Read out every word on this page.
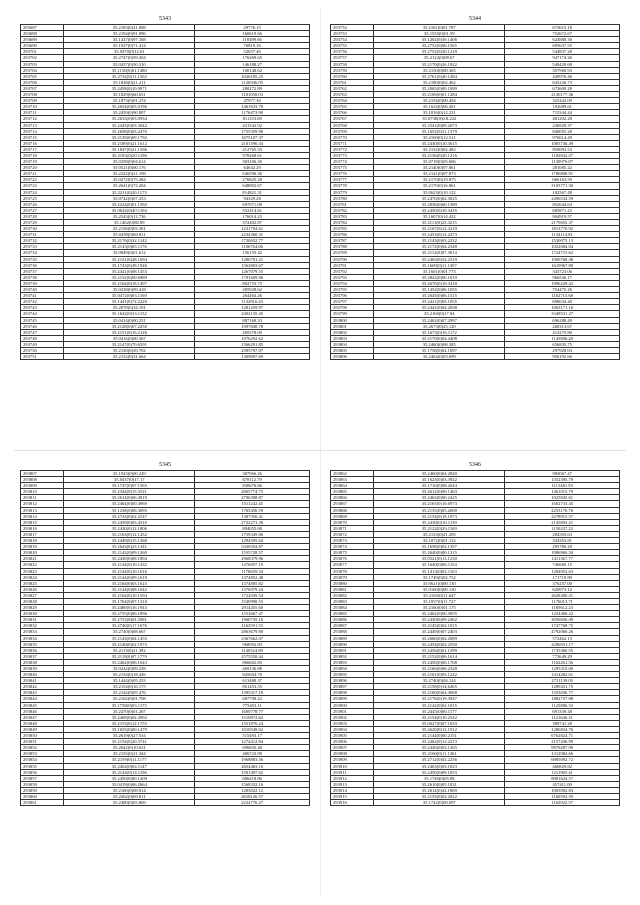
5343
293687	35.2183(0)41.888	29776.15
293688	35.2194(0)91.896	160619.66
293689	35.1437(0)97.168	118499.66
293690	35.1927(0)71.414	76819.16
293701	35.0470(0)12.61	52657.46
293702	35.2747(0)59.204	176269.65
293703	35.0437(0)50.310	146188.27
293704	35.1150(0)01.1480	100148.62
293705	35.2732(0)11.1502	1026185.25
293706	35.1846(0)21.211	1126946.05
293707	35.2458(0)10.0871	280272.89
293708	35.1829(0)60.651	1101058.03
293709	35.1873(0)01.274	47977.30
293710	35.2654(0)03.0196	1461633.78
293711	35.2459(0)90.807	1176473.98
293712	35.2633(0)03.0934	811153.08
293713	35.2445(0)03.3042	431542.92
293714	35.2658(0)03.2470	1755359.98
293715	35.2139(0)69.1792	1675107.37
293716	35.2189(0)21.1612	2101596.34
293717	35.1847(0)21.1596	412765.33
293718	35.2183(0)20.1196	978268.61
293719	35.0258(0)04.614	303106.26
293720	35.0521(0)00.176	64642.29
293721	35.2242(0)21.198	646596.36
293722	35.0272(0)75.284	276825.28
293723	35.2641(0)72.204	648802.67
293724	35.2211(0)20.1173	814821.31
293725	35.0742(0)07.253	94329.28
293726	35.2224(0)01.1592	697071.08
293727	35.0642(0)40.1104	552414.61
293728	35.2543(0)12.736	176014.23
293729	35.1462(0)80.89	372402.87
293730	35.2156(0)03.301	1231794.61
293731	35.0439(0)60.811	2234360.31
293732	35.2176(0)32.1142	1720652.77
293733	35.2143(0)65.1176	1106764.66
293734	35.0849(0)01.612	156155.42
293735	35.2141(0)28.1694	1286701.21
293736	35.1743(0)38.1946	1562803.67
293737	35.2441(0)08.1453	1267079.55
293738	35.2152(0)00.6989	1791609.96
293739	35.2164(0)18.1497	802753.75
293740	35.0238(0)09.418	285928.62
293741	35.0472(0)03.1169	264464.26
293742	35.1441(0)72.2220	1132816.43
293743	35.2070(0)34.191	1281259.97
293744	35.1642(0)33.1152	2402135.45
293745	35.0414(0)00.251	887168.33
293746	35.2128(0)07.2250	1997848.78
293747	35.2151(0)16.2126	269378.00
293748	35.0416(0)00.367	1076292.62
293749	35.2147(0)70.6591	1566291.85
293750	35.2120(0)39.702	2395797.07
293751	35.2152(0)31.664	1309697.69
5344
293752	35.2161(0)01.787	673615.18
293753	35.1535(0)01.59	752672.67
293754	35.1202(0)39.1406	624880.30
293755	35.2752(0)06.1565	695637.55
293756	35.2752(0)30.1219	544837.28
293757	35.2122(0)08.67	947174.26
293758	35.2170(0)26.1922	549429.68
293759	35.2150(0)00.365	357960.93
293760	35.2761(0)40.1484	449976.46
293761	35.2180(0)02.462	645226.73
293762	35.2065(0)00.1099	673609.28
293763	35.2169(0)01.1284	2130177.36
293764	35.2154(0)00.494	325442.09
293765	35.1624(0)06.261	192689.61
293766	35.1816(0)12.231	715344.44
293767	35.0730(0)0.8.222	481202.28
293768	35.2541(0)09.2073	236929.37
293769	35.1652(0)31.1379	840055.28
293770	35.2160(0)12.511	976614.49
293771	35.2430(0)10.3615	1083736.49
293772	35.2132(0)02.482	859093.53
293773	35.2136(0)20.1216	1182842.47
293774	35.0718(0)05.666	1130976.87
293775	35.2140(0)07.861	281685.22
293776	35.2141(0)07.873	1786808.91
293777	35.2170(0)19.875	666163.59
293778	35.2170(0)16.861	3103771.30
293779	35.0623(0)10.122	182567.48
293780	35.2470(0)02.3025	2496534.59
293781	35.2836(0)60.1389	852644.63
293782	35.2450(0)10.3435	685871.25
293783	35.1607(0)14.432	904919.57
293784	35.2113(0)23.3215	2179655.37
293785	35.2167(0)12.3219	1813770.92
293786	35.2453(0)12.2473	1134114.81
293787	35.2143(0)03.2232	1530075.13
293788	35.2172(0)04.2348	1022684.04
293789	35.2112(0)07.3014	1724715.62
293790	35.2463(0)32.2319	1900768.48
293791	35.1669(0)11.1307	1619967.80
293792	35.1601(0)01.773	343723.06
293793	35.2822(0)00.1019	966536.17
293794	35.2670(0)10.3418	1996229.42
293795	35.1452(0)06.1055	754475.26
293796	35.2645(0)06.1515	1102715.68
293797	35.2421(0)05.1055	696634.40
293798	35.2441(0)04.2038	1063171.16
293799	35.2160(0)17.84	3348531.27
293800	35.2462(0)07.2997	696288.49
293801	35.2673(0)25.120	268313.67
293802	35.1673(0)16.1172	413275.80
293803	35.2170(0)04.4408	1145806.20
293804	35.2460(0)08.385	656835.75
293805	35.1758(0)02.1097	297928.03
293806	35.2464(0)03.699	956192.66
5345
293807	35.1943(0)00.249	387966.26
293808	35.0437(0)17.17	678112.79
293809	35.1747(0)07.1565	830676.66
293810	35.2344(0)15.3521	2065774.75
293811	35.2614(0)06.4919	2796398.87
293812	35.2464(0)00.4969	1511242.45
293813	35.1238(0)06.3095	1765456.59
293814	35.2743(0)02.2547	1387356.41
293815	35.2459(0)03.4310	2722271.39
293816	35.2430(0)12.1806	894055.68
293817	35.2163(0)12.1432	1759349.86
293818	35.2449(0)15.1368	1294595.64
293819	35.2643(0)23.1341	5436504.87
293820	35.2142(0)09.1260	1555728.57
293821	35.2430(0)08.1894	2968379.96
293822	35.2144(0)10.1432	1476057.19
293823	35.2144(0)10.1616	1176659.34
293824	35.2144(0)09.1619	1374852.48
293825	35.2164(0)03.1623	1374805.82
293826	35.2144(0)08.1642	1376979.24
293827	35.2164(0)10.1594	1722039.54
293828	35.1764(0)07.1310	1540998.53
293829	35.2480(0)16.1943	2914455.60
293830	35.2755(0)06.1896	1552667.47
293831	35.2753(0)01.2981	1960735.16
293832	35.2740(0)17.1676	1163591.53
293833	35.2740(0)08.667	2863679.80
293834	35.2143(0)04.1455	2367662.07
293835	35.2140(0)02.1973	968992.83
293836	35.2115(0)21.382	1140524.89
293837	35.2118(0)07.1779	2575550.44
293838	35.2462(0)06.1643	866602.85
293839	35.0242(0)09.258	469136.88
293840	35.2154(0)18.426	845604.76
293841	35.1444(0)05.253	613488.37
293842	35.2154(0)16.175	801453.55
293843	35.2142(0)05.476	1395317.18
293844	35.2162(0)01.708	687798.22
293845	35.1758(0)03.1175	775453.11
293846	35.2470(0)01.267	1600778.77
293847	35.2468(0)02.2892	1510872.62
293848	35.2153(0)12.1755	1551876.24
293849	35.1655(0)00.1479	1010549.62
293850	35.2619(0)27.534	515493.17
293851	35.2154(0)20.3741	1274412.84
293852	35.2642(0)10.631	696835.48
293853	35.2155(0)21.344	406723.98
293854	35.2159(0)11.1177	1968803.56
293855	35.2462(0)04.1147	2654463.16
293856	35.2144(0)14.1196	1501497.62
293857	35.2450(0)00.1200	686418.86
293858	35.0419(0)06.2664	1568332.16
293859	35.2160(0)08.814	1283022.12
293860	35.2462(0)00.811	2618126.57
293861	35.2480(0)03.869	2224776.27
5346
293862	35.2460(0)04.2840	983067.47
293863	35.1623(0)03.3922	1352395.79
293864	35.1710(0)08.2044	1115481.93
293865	35.2612(0)00.1463	1461015.79
293866	35.2463(0)00.2425	1025845.61
293867	35.2165(0)16.6973	1602733.45
293868	35.2135(0)05.2000	2253176.76
293869	35.2154(0)18.1973	2278915.57
293870	35.2430(0)10.1139	2145693.21
293871	35.2122(0)29.1169	1150237.22
293872	35.2133(0)21.295	284503.63
293873	35.1072(0)01.132	334353.81
293874	35.1658(0)02.1397	295786.29
293875	35.2640(0)00.1315	1986960.50
293876	35.0521(0)13.1230	1411367.77
293877	35.1640(0)06.1154	746660.15
293878	35.1413(0)02.1163	1284052.63
293879	35.1749(0)02.752	171719.89
293880	35.0621(0)00.130	376257.00
293881	35.0160(0)00.130	620973.12
293882	35.2165(0)11.647	2628400.21
293883	35.1957(0)11.727	1176013.71
293884	35.2160(0)01.175	1185612.23
293885	35.2462(0)00.3055	1254406.22
293886	35.2430(0)09.2462	3056656.49
293887	35.2145(0)02.1015	1747768.75
293888	35.2449(0)07.2403	4792060.26
293889	35.2660(0)04.2089	572462.13
293890	35.2454(0)02.2550	2296931.17
293891	35.2456(0)01.1299	1735360.55
293892	35.2152(0)06.1614	773649.29
293893	35.2450(0)00.1768	1162261.56
293894	35.2166(0)06.2328	1295315.00
293895	35.2161(0)03.1242	1414282.61
293896	35.2740(0)04.124	2731139.05
293897	35.2158(0)14.6465	1289431.75
293898	35.2160(0)04.4968	1353036.77
293899	35.2176(0)19.3947	1882737.88
293900	35.2142(0)02.1015	1125886.33
293901	35.2445(0)00.1177	691339.48
293902	35.2154(0)10.2542	1121646.21
293903	35.0627(0)07.1033	389741.28
293904	35.2620(0)12.1912	1286834.76
293905	35.2144(0)00.2151	6762824.71
293906	35.2462(0)12.2213	2157436.99
293907	35.2420(0)03.1265	9976287.99
293908	35.2160(0)11.1361	1312084.66
293909	35.2712(0)02.2256	6985092.72
293910	35.2463(0)03.1823	466829.82
293911	35.2450(0)09.1053	1211905.41
293912	35.1740(0)05.88	8081624.57
293913	35.2610(0)05.1031	457411.00
293914	35.2612(0)22.1869	1003902.83
293915	35.2155(0)02.2022	1160592.39
293916	35.1742(0)00.697	1162922.57
